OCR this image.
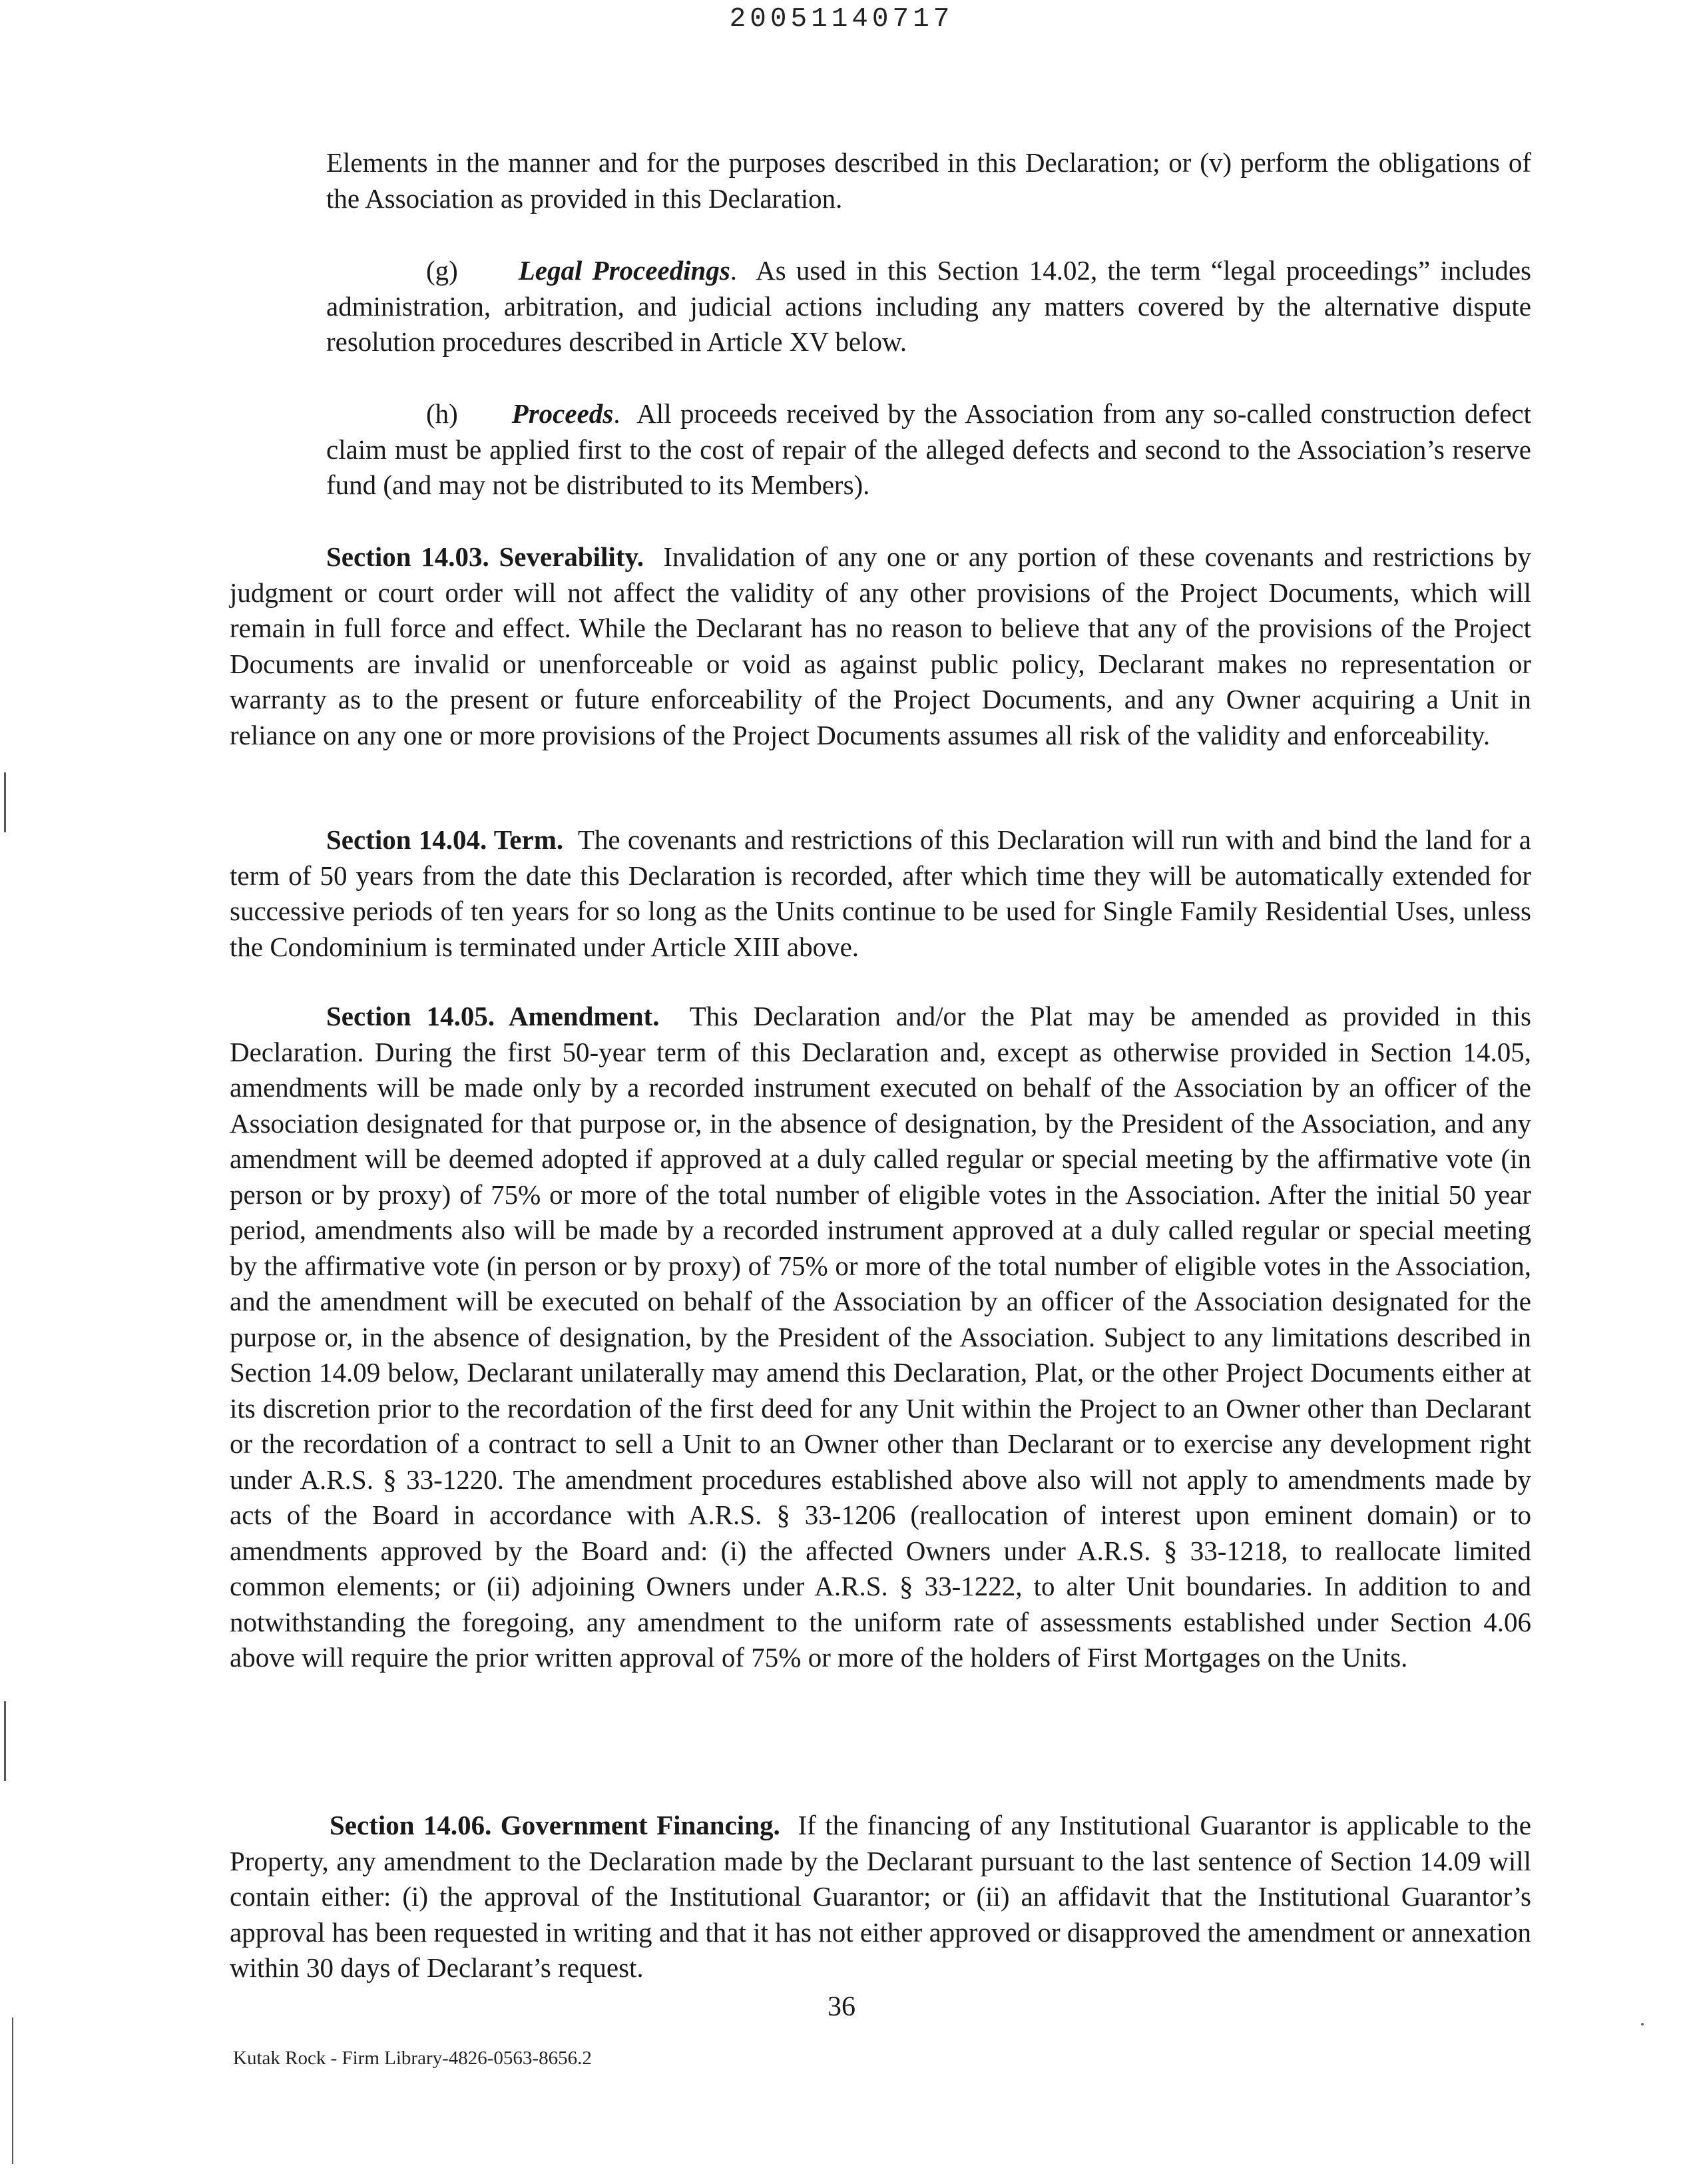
20051140717

Elements in the manner and for the purposes described in this Declaration; or (v) perform the obligations of the Association as provided in this Declaration.

(g) Legal Proceedings. As used in this Section 14.02, the term “legal proceedings” includes administration, arbitration, and judicial actions including any matters covered by the alternative dispute resolution procedures described in Article XV below.

(h) Proceeds. All proceeds received by the Association from any so-called construction defect claim must be applied first to the cost of repair of the alleged defects and second to the Association’s reserve fund (and may not be distributed to its Members).

Section 14.03. Severability. Invalidation of any one or any portion of these covenants and restrictions by judgment or court order will not affect the validity of any other provisions of the Project Documents, which will remain in full force and effect. While the Declarant has no reason to believe that any of the provisions of the Project Documents are invalid or unenforceable or void as against public policy, Declarant makes no representation or warranty as to the present or future enforceability of the Project Documents, and any Owner acquiring a Unit in reliance on any one or more provisions of the Project Documents assumes all risk of the validity and enforceability.

Section 14.04. Term. The covenants and restrictions of this Declaration will run with and bind the land for a term of 50 years from the date this Declaration is recorded, after which time they will be automatically extended for successive periods of ten years for so long as the Units continue to be used for Single Family Residential Uses, unless the Condominium is terminated under Article XIII above.

Section 14.05. Amendment. This Declaration and/or the Plat may be amended as provided in this Declaration. During the first 50-year term of this Declaration and, except as otherwise provided in Section 14.05, amendments will be made only by a recorded instrument executed on behalf of the Association by an officer of the Association designated for that purpose or, in the absence of designation, by the President of the Association, and any amendment will be deemed adopted if approved at a duly called regular or special meeting by the affirmative vote (in person or by proxy) of 75% or more of the total number of eligible votes in the Association. After the initial 50 year period, amendments also will be made by a recorded instrument approved at a duly called regular or special meeting by the affirmative vote (in person or by proxy) of 75% or more of the total number of eligible votes in the Association, and the amendment will be executed on behalf of the Association by an officer of the Association designated for the purpose or, in the absence of designation, by the President of the Association. Subject to any limitations described in Section 14.09 below, Declarant unilaterally may amend this Declaration, Plat, or the other Project Documents either at its discretion prior to the recordation of the first deed for any Unit within the Project to an Owner other than Declarant or the recordation of a contract to sell a Unit to an Owner other than Declarant or to exercise any development right under A.R.S. § 33-1220. The amendment procedures established above also will not apply to amendments made by acts of the Board in accordance with A.R.S. § 33-1206 (reallocation of interest upon eminent domain) or to amendments approved by the Board and: (i) the affected Owners under A.R.S. § 33-1218, to reallocate limited common elements; or (ii) adjoining Owners under A.R.S. § 33-1222, to alter Unit boundaries. In addition to and notwithstanding the foregoing, any amendment to the uniform rate of assessments established under Section 4.06 above will require the prior written approval of 75% or more of the holders of First Mortgages on the Units.

Section 14.06. Government Financing. If the financing of any Institutional Guarantor is applicable to the Property, any amendment to the Declaration made by the Declarant pursuant to the last sentence of Section 14.09 will contain either: (i) the approval of the Institutional Guarantor; or (ii) an affidavit that the Institutional Guarantor’s approval has been requested in writing and that it has not either approved or disapproved the amendment or annexation within 30 days of Declarant’s request.

36
Kutak Rock - Firm Library-4826-0563-8656.2
